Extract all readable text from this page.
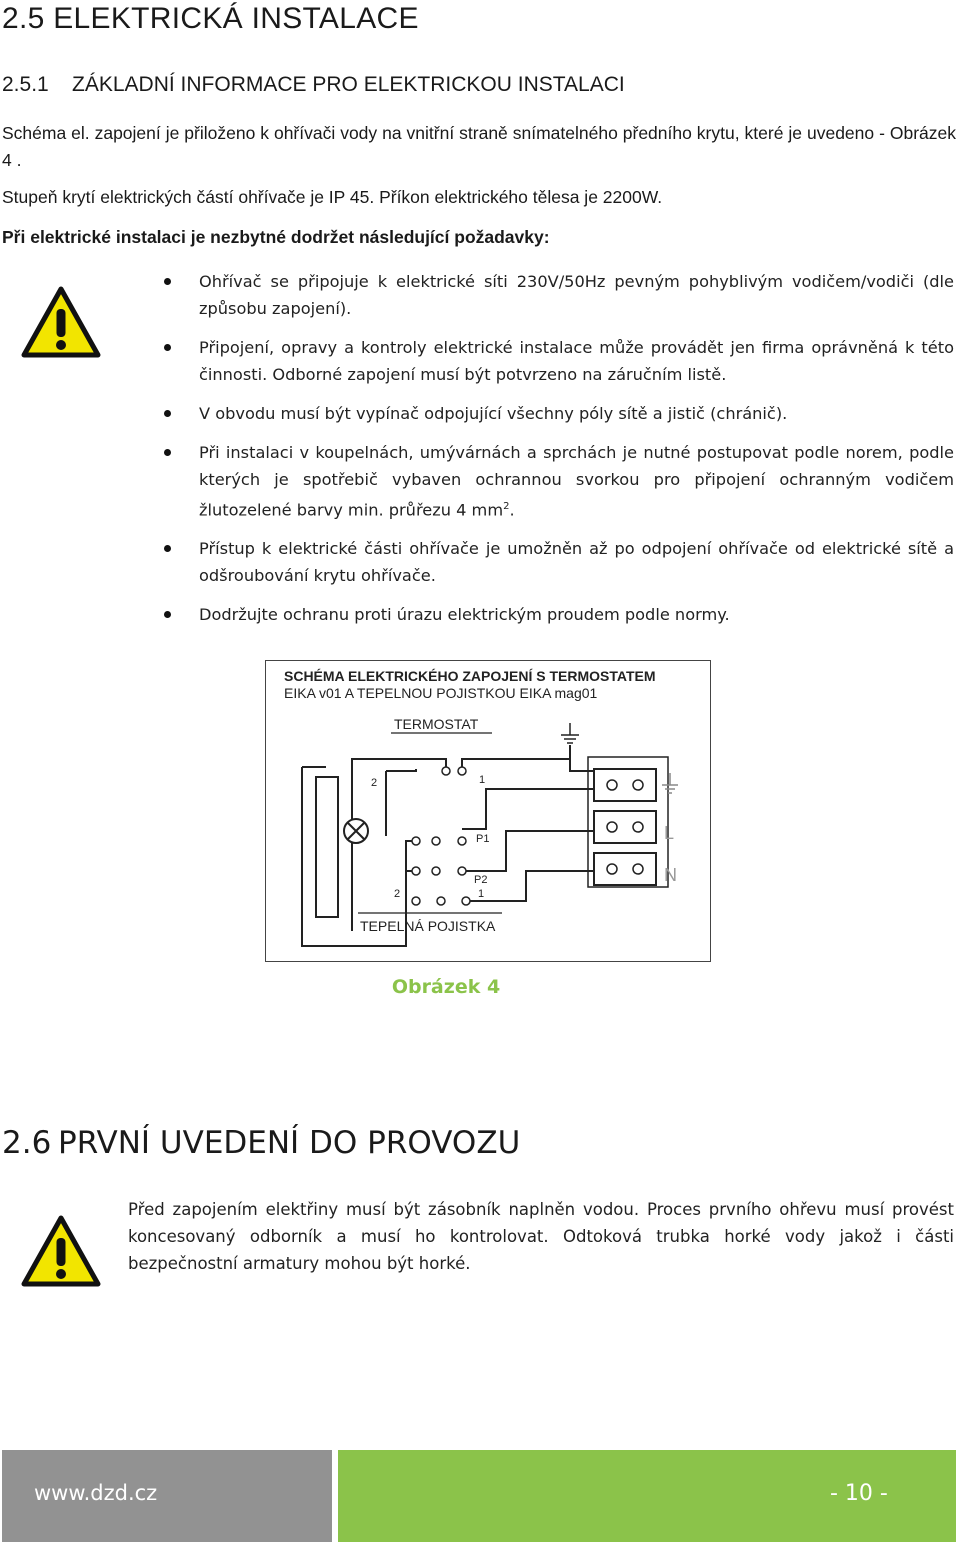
2.5 ELEKTRICKÁ INSTALACE
2.5.1 ZÁKLADNÍ INFORMACE PRO ELEKTRICKOU INSTALACI
Schéma el. zapojení je přiloženo k ohřívači vody na vnitřní straně snímatelného předního krytu, které je uvedeno - Obrázek 4 .
Stupeň krytí elektrických částí ohřívače je IP 45. Příkon elektrického tělesa je 2200W.
Při elektrické instalaci je nezbytné dodržet následující požadavky:
Ohřívač se připojuje k elektrické síti 230V/50Hz pevným pohyblivým vodičem/vodiči (dle způsobu zapojení).
Připojení, opravy a kontroly elektrické instalace může provádět jen firma oprávněná k této činnosti. Odborné zapojení musí být potvrzeno na záručním listě.
V obvodu musí být vypínač odpojující všechny póly sítě a jistič (chránič).
Při instalaci v koupelnách, umývárnách a sprchách je nutné postupovat podle norem, podle kterých je spotřebič vybaven ochrannou svorkou pro připojení ochranným vodičem žlutozelené barvy min. průřezu 4 $mm^2$.
Přístup k elektrické části ohřívače je umožněn až po odpojení ohřívače od elektrické sítě a odšroubování krytu ohřívače.
Dodržujte ochranu proti úrazu elektrickým proudem podle normy.
SCHÉMA ELEKTRICKÉHO ZAPOJENÍ S TERMOSTATEM
EIKA v01 A TEPELNOU POJISTKOU EIKA mag01
TERMOSTAT
2	1
P1
P2
2	1
TEPELNÁ POJISTKA
L
N
Obrázek 4
2.6 PRVNÍ UVEDENÍ DO PROVOZU
Před zapojením elektřiny musí být zásobník naplněn vodou. Proces prvního ohřevu musí provést koncesovaný odborník a musí ho kontrolovat. Odtoková trubka horké vody jakož i části bezpečnostní armatury mohou být horké.
www.dzd.cz	- 10 -
